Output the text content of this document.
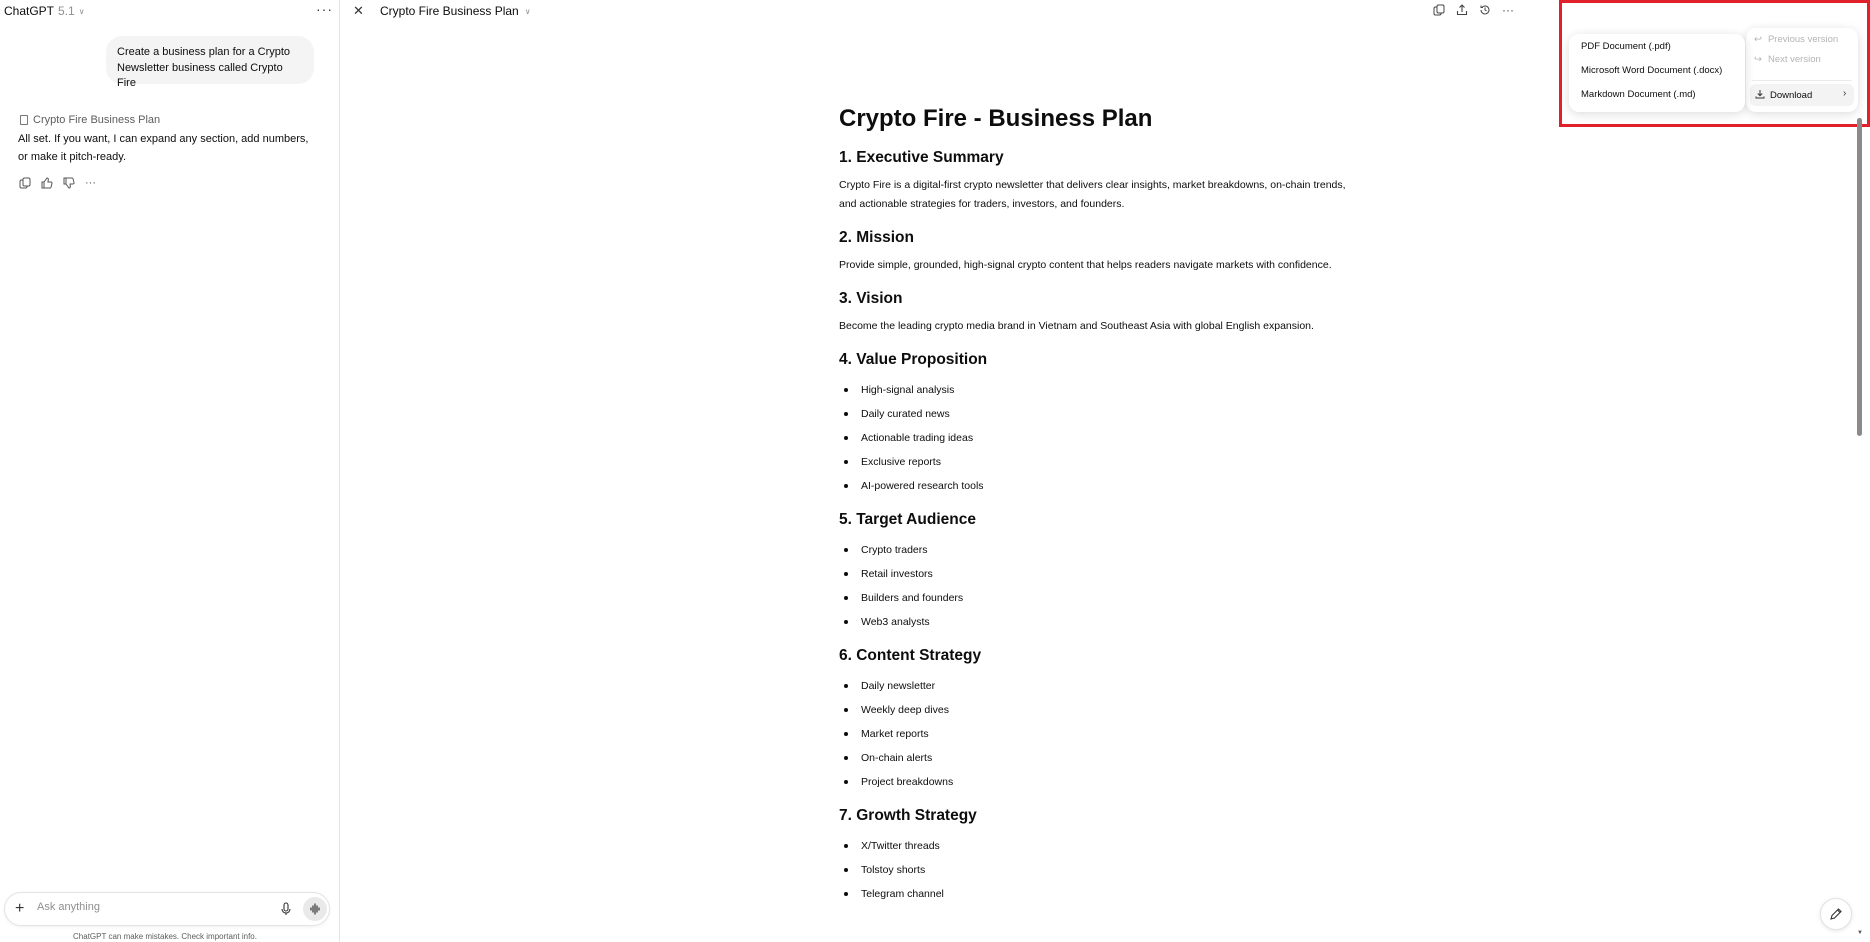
ChatGPT 5.1 ∨	···
Create a business plan for a Crypto Newsletter business called Crypto Fire
Crypto Fire Business Plan
All set. If you want, I can expand any section, add numbers, or make it pitch-ready.
···
+
Ask anything
ChatGPT can make mistakes. Check important info.
✕ Crypto Fire Business Plan ∨	···
↩ Previous version
↪ Next version
Download	›
PDF Document (.pdf)
Microsoft Word Document (.docx)
Markdown Document (.md)
Crypto Fire - Business Plan
1. Executive Summary
Crypto Fire is a digital-first crypto newsletter that delivers clear insights, market breakdowns, on-chain trends, and actionable strategies for traders, investors, and founders.
2. Mission
Provide simple, grounded, high-signal crypto content that helps readers navigate markets with confidence.
3. Vision
Become the leading crypto media brand in Vietnam and Southeast Asia with global English expansion.
4. Value Proposition
High-signal analysis
Daily curated news
Actionable trading ideas
Exclusive reports
AI-powered research tools
5. Target Audience
Crypto traders
Retail investors
Builders and founders
Web3 analysts
6. Content Strategy
Daily newsletter
Weekly deep dives
Market reports
On-chain alerts
Project breakdowns
7. Growth Strategy
X/Twitter threads
Tolstoy shorts
Telegram channel
▼
